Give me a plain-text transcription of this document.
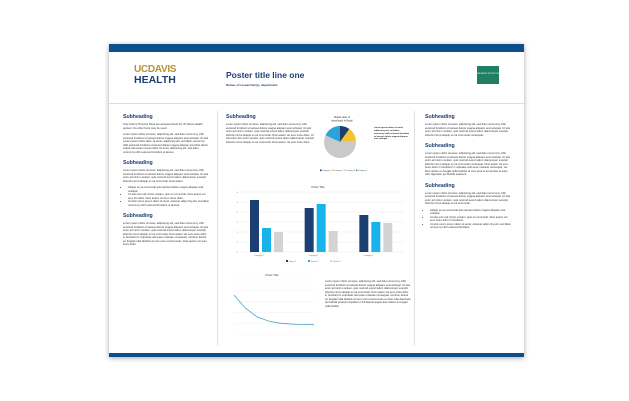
UCDAVIS
HEALTH	Poster title line one
Names of researcher(s), department
PEDIATRIC NUTRITION
Subheading

Only bold or Proxima Nova are accepted fonts for UC Davis Health posters. No other fonts may be used.

Lorem ipsum dolor sit amet, adipiscing elit, sed diam nonummy nibh euismod tincidunt ut laoreet dolore magna aliquam erat volutpat. Ut wisi Lorem ipsum dolor diam sit amet, adipiscing elit, sed diam nonummy nibh euismod tincidunt ut laoreet dolore magna aliquam era lobst darnit volput wisi Lorem ipsum dolor sit amet, adipiscing elit, sed diam nonummy nibh euismod tincidunt ut laoree.

Subheading

Lorem ipsum dolor sit amet, adipiscing elit, sed diam nonummy nibh euismod tincidunt ut laoreet dolore magna aliquam erat volutpat. Ut wisi enim ad minim veniam, quis nostrud exerci tation ullamcorper suscipit lobortis nisl ut aliquip ex ea commodo. Duis autem.

• Aliquip ex ea commodo quis laoreet dolore magna aliquam erat volutpat.
• Ut wisi enim ad minim veniam, quis ex commodo. Duis autem vel eum iriu dolor. Duis autem vel eum iriure dolor.
• Ut wisi Lorem ipsum dolor sit amet, ectetuer adipi cing elit, sed diam nonummy nibh euismod tincidunt ut laoreet.
Subheading

Lorem ipsum dolor sit amet, adipiscing elit, sed diam nonummy nibh euismod tincidunt ut laoreet dolore magna aliquam erat volutpat. Ut wisi enim ad minim veniam, quis nostrud exerci tation ullamcorper suscipit lobortis nisl ut aliquip ex ea commodo. Duis autem vel eum iriure dolor in hendrerit in vulputate velit esse molestie consequat, vel illum dolore eu feugiat nulla facilisis at vero eros et accumsan. Duis autem vel eum iriure dolor.

Subheading

Lorem ipsum dolor sit amet, adipiscing elit, sed diam nonummy nibh euismod tincidunt ut laoreet dolore magna aliquam erat volutpat. Ut wisi enim ad minim veniam, quis nostrud exerci tation ullamcorper suscipit lobortis nisl ut aliquip ex ea commodo. Duis autem vel eum iriure dolor. Ut wisi enim ad minim veniam, quis nostrud exerci tation ullamcorper suscipit lobortis nisl ut aliquip ex ea commodo. Duis autem vel eum iriure dolor.

Digital sales of
downloads in Brazil
Category 1 Category 2 Category 3 Category 4

Lorem ipsum dolor sit amet, adipiscing elit, sed diam nonummy nibh euismod tincidunt ut laoreet dolore magna aliquam erat volutpat.

Chart Title
0
1
2
3
4
5
6
Category 1	Category 2	Category 3
Series 1	Series 2	Series 3
Chart Title

Lorem ipsum dolor sit amet, adipiscing elit, sed diam nonummy nibh euismod tincidunt ut laoreet dolore magna aliquam erat volutpat. Ut wisi enim ad minim veniam, quis nostrud exerci tation ullamcorper suscipit lobortis nisl ut aliquip ex ea commodo. Duis autem vel eum iriure dolor in hendrerit in vulputate velit esse molestie consequat, vel illum dolore eu feugiat nulla facilisis at vero eros et accumsan et iusto odio dignissim qui blandit praesent luptatum zzril delenit augue duis dolore te feugait nulla facilisi.

Subheading

Lorem ipsum dolor sit amet, adipiscing elit, sed diam nonummy nibh euismod tincidunt ut laoreet dolore magna aliquam erat volutpat. Ut wisi enim ad minim veniam, quis nostrud exerci tation ullamcorper suscipit lobortis nisl ut aliquip ex ea commodo consequat.

Subheading

Lorem ipsum dolor sit amet, adipiscing elit, sed diam nonummy nibh euismod tincidunt ut laoreet dolore magna aliquam erat volutpat. Ut wisi enim ad minim veniam, quis nostrud exerci tation ullamcorper suscipit lobortis nisl ut aliquip ex ea commodo consequat. Duis autem vel eum iriure dolor in hendrerit in vulputate velit esse molestie consequat, vel illum dolore eu feugiat nulla facilisis at vero eros et accumsan et iusto odio dignissim qui blandit praesent.

Subheading

Lorem ipsum dolor sit amet, adipiscing elit, sed diam nonummy nibh euismod tincidunt ut laoreet dolore magna aliquam erat volutpat. Ut wisi enim ad minim veniam, quis nostrud exerci tation ullamcorper suscipit lobortis nisl ut aliquip ex ea commodo.

• Aliquip ex ea commodo quis laoreet dolore magna aliquam erat volutpat.
• Ut wisi enim ad minim veniam, quis ex commodo. Duis autem vel eum iriure dolor in hendrerit.
• Ut wisi Lorem ipsum dolor sit amet, ectetuer adipi cing elit, sed diam nonummy nibh euismod tincidunt.
